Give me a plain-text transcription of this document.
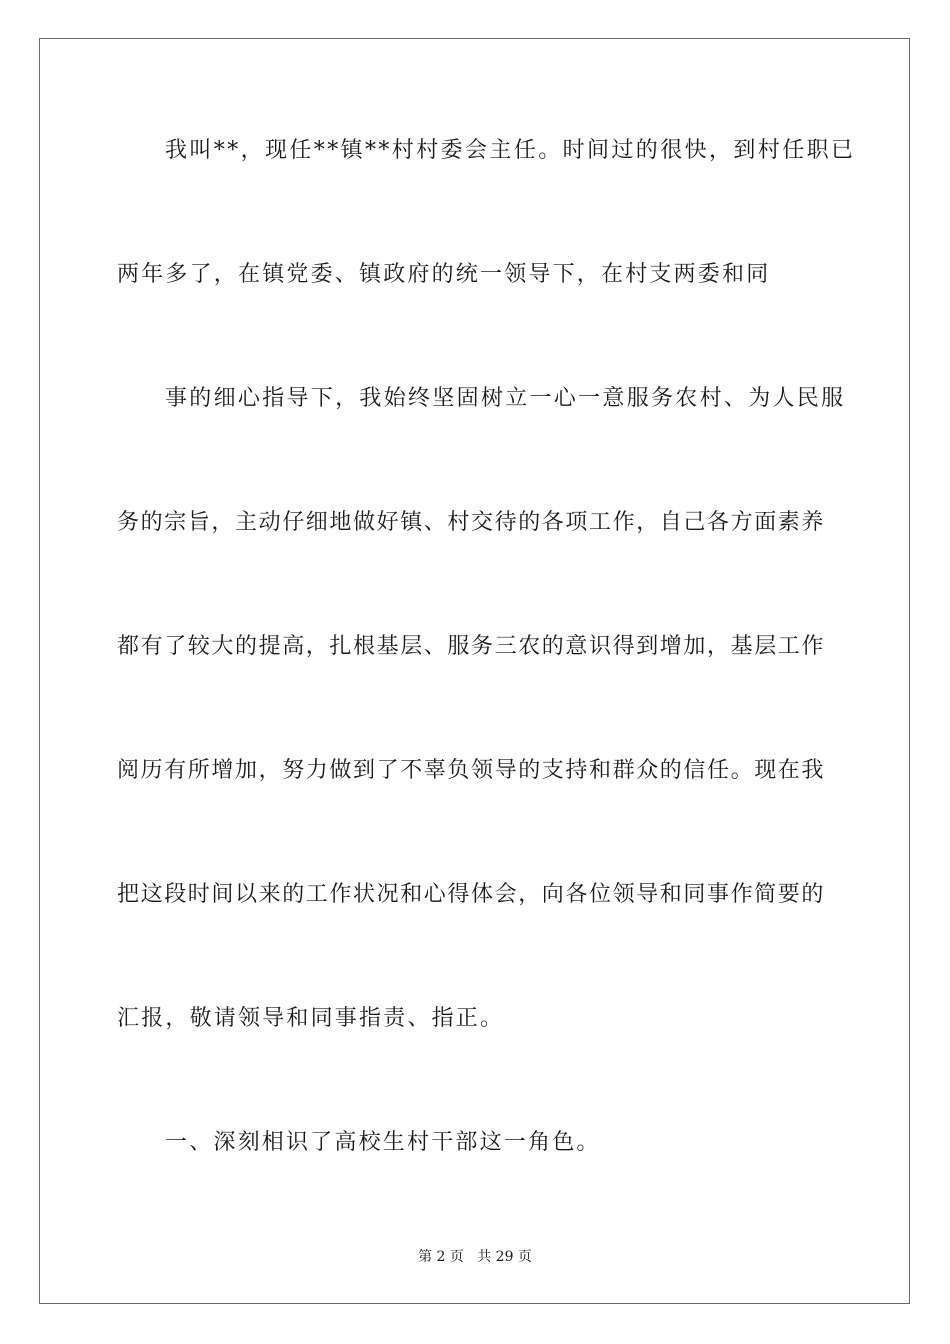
我叫**，现任**镇**村村委会主任。时间过的很快，到村任职已
两年多了，在镇党委、镇政府的统一领导下，在村支两委和同
事的细心指导下，我始终坚固树立一心一意服务农村、为人民服
务的宗旨，主动仔细地做好镇、村交待的各项工作，自己各方面素养
都有了较大的提高，扎根基层、服务三农的意识得到增加，基层工作
阅历有所增加，努力做到了不辜负领导的支持和群众的信任。现在我
把这段时间以来的工作状况和心得体会，向各位领导和同事作简要的
汇报，敬请领导和同事指责、指正。
一、深刻相识了高校生村干部这一角色。
第 2 页   共 29 页
